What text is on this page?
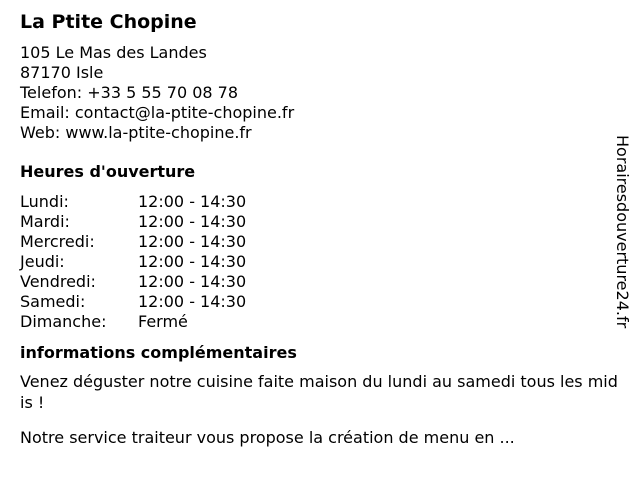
La Ptite Chopine
105 Le Mas des Landes
87170 Isle
Telefon: +33 5 55 70 08 78
Email: contact@la-ptite-chopine.fr
Web: www.la-ptite-chopine.fr
Heures d'ouverture
Lundi:	12:00 - 14:30
Mardi:	12:00 - 14:30
Mercredi:	12:00 - 14:30
Jeudi:	12:00 - 14:30
Vendredi:	12:00 - 14:30
Samedi:	12:00 - 14:30
Dimanche:	Fermé
informations complémentaires

Venez déguster notre cuisine faite maison du lundi au samedi tous les midis !

Notre service traiteur vous propose la création de menu en ...

Horairesdouverture24.fr
